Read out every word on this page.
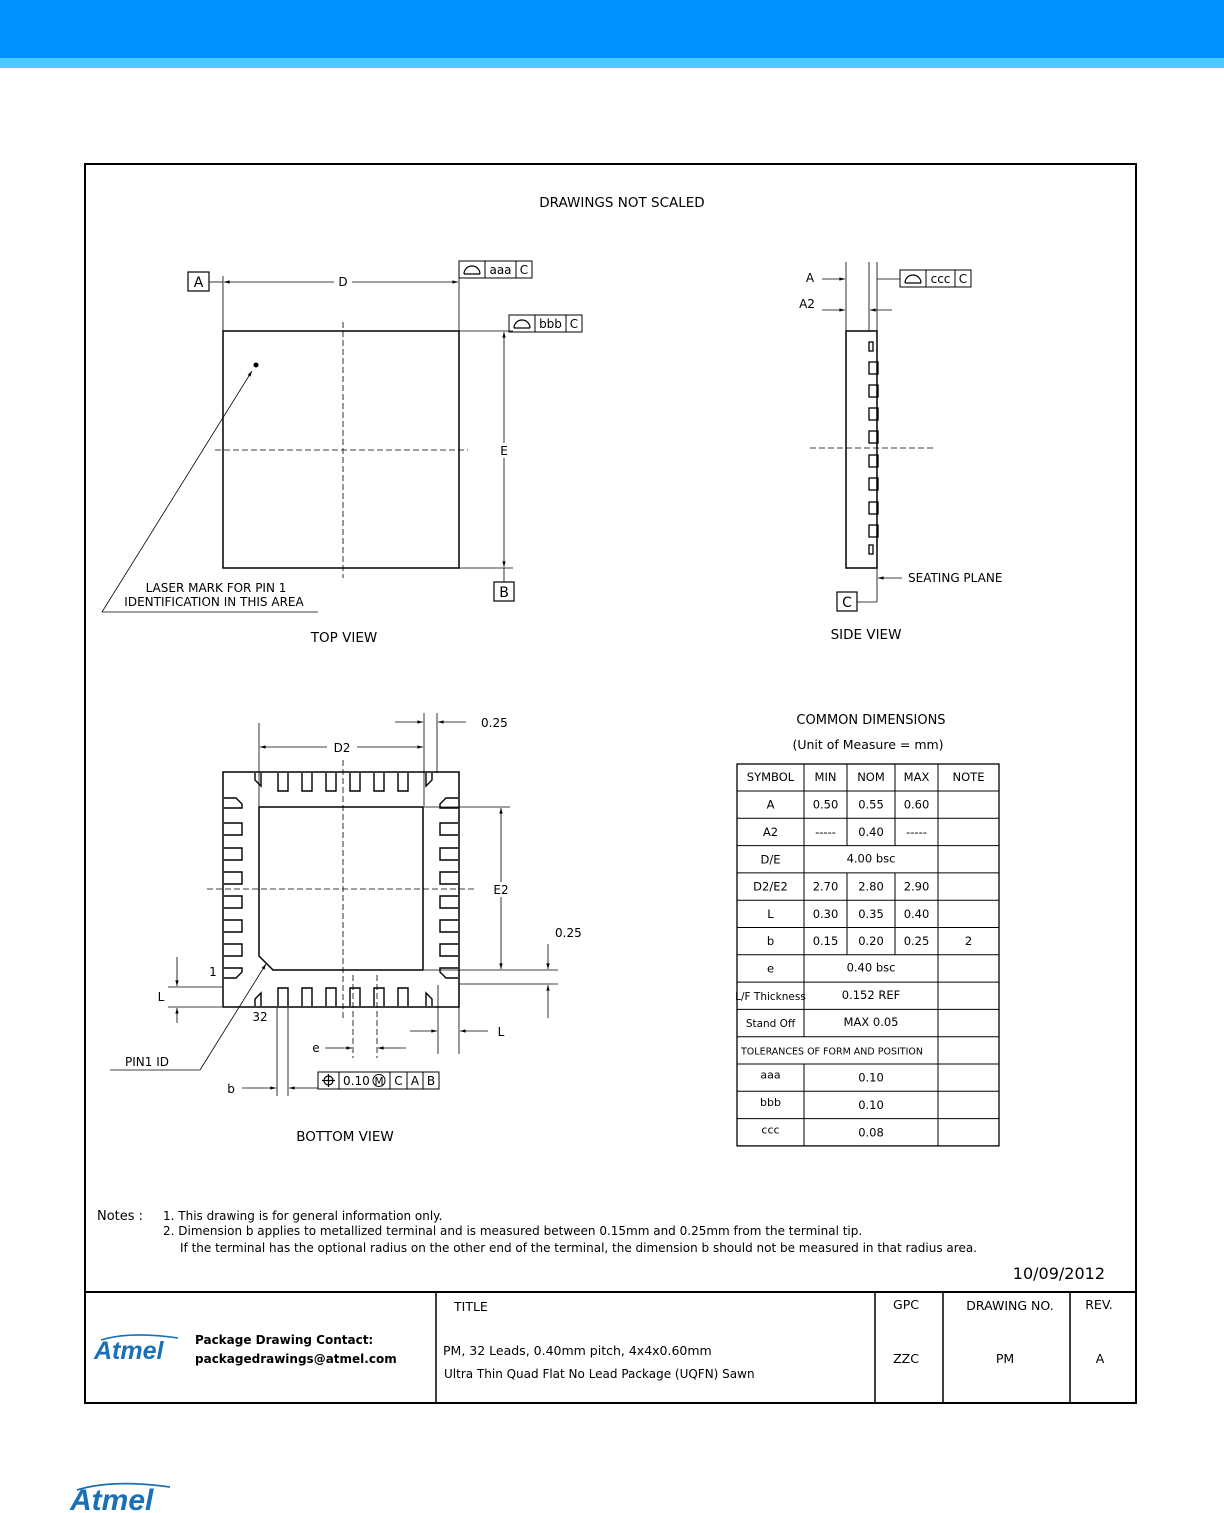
DRAWINGS NOT SCALED
A	D
aaa C
bbb C
E
B
LASER MARK FOR PIN 1
IDENTIFICATION IN THIS AREA
TOP VIEW
A
A2
ccc C
SEATING PLANE
C
SIDE VIEW
D2
0.25
E2
0.25
1
32
L
L
e
b
0.10 M C A B
PIN1 ID
BOTTOM VIEW
COMMON DIMENSIONS
(Unit of Measure = mm)
SYMBOL MIN NOM MAX NOTE
A	0.50 0.55 0.60
A2	----- 0.40 -----
D/E	4.00 bsc
D2/E2 2.70 2.80 2.90
L	0.30 0.35 0.40
b	0.15 0.20 0.25	2
e	0.40 bsc
L/F Thickness	0.152 REF
Stand Off	MAX 0.05
TOLERANCES OF FORM AND POSITION
aaa	0.10
bbb	0.10
ccc	0.08
Notes : 1. This drawing is for general information only.
2. Dimension b applies to metallized terminal and is measured between 0.15mm and 0.25mm from the terminal tip.
If the terminal has the optional radius on the other end of the terminal, the dimension b should not be measured in that radius area.
10/09/2012
Atmel	Package Drawing Contact:
packagedrawings@atmel.com
TITLE
PM, 32 Leads, 0.40mm pitch, 4x4x0.60mm
Ultra Thin Quad Flat No Lead Package (UQFN) Sawn
GPC
ZZC
DRAWING NO.
PM
REV.
A
Atmel
